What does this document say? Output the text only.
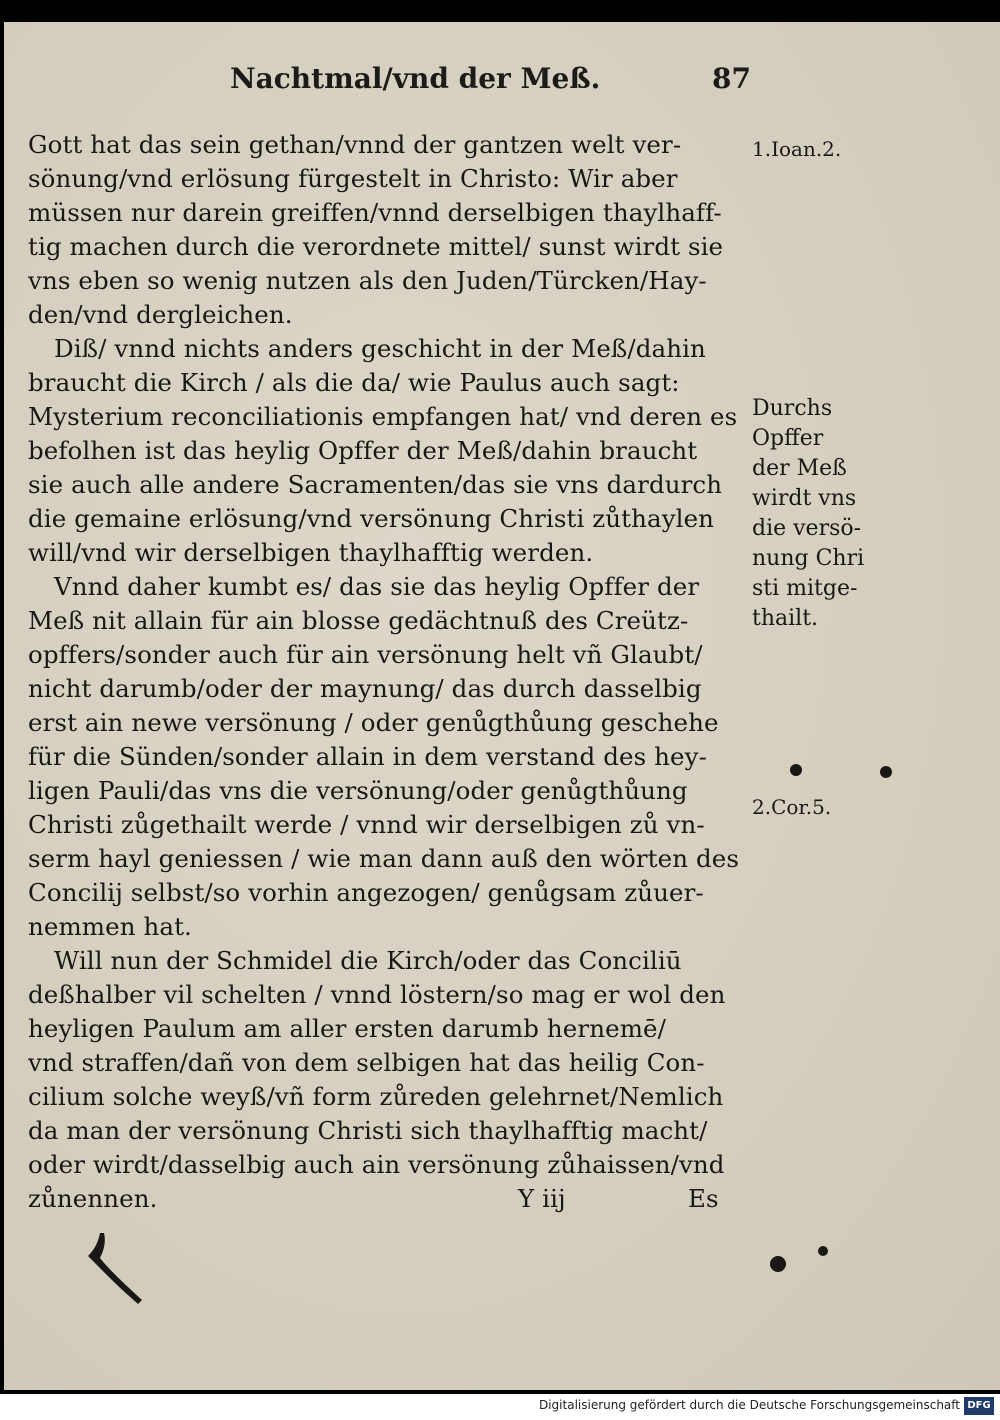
Nachtmal/vnd der Meß.	87
Gott hat das sein gethan/vnnd der gantzen welt ver-
sönung/vnd erlösung fürgestelt in Christo: Wir aber
müssen nur darein greiffen/vnnd derselbigen thaylhaff-
tig machen durch die verordnete mittel/ sunst wirdt sie
vns eben so wenig nutzen als den Juden/Türcken/Hay-
den/vnd dergleichen.
Diß/ vnnd nichts anders geschicht in der Meß/dahin
braucht die Kirch / als die da/ wie Paulus auch sagt:
Mysterium reconciliationis empfangen hat/ vnd deren es
befolhen ist das heylig Opffer der Meß/dahin braucht
sie auch alle andere Sacramenten/das sie vns dardurch
die gemaine erlösung/vnd versönung Christi zůthaylen
will/vnd wir derselbigen thaylhafftig werden.
Vnnd daher kumbt es/ das sie das heylig Opffer der
Meß nit allain für ain blosse gedächtnuß des Creütz-
opffers/sonder auch für ain versönung helt vñ Glaubt/
nicht darumb/oder der maynung/ das durch dasselbig
erst ain newe versönung / oder genůgthůung geschehe
für die Sünden/sonder allain in dem verstand des hey-
ligen Pauli/das vns die versönung/oder genůgthůung
Christi zůgethailt werde / vnnd wir derselbigen zů vn-
serm hayl geniessen / wie man dann auß den wörten des
Concilij selbst/so vorhin angezogen/ genůgsam zůuer-
nemmen hat.
Will nun der Schmidel die Kirch/oder das Conciliū
deßhalber vil schelten / vnnd löstern/so mag er wol den
heyligen Paulum am aller ersten darumb hernemē/
vnd straffen/dañ von dem selbigen hat das heilig Con-
cilium solche weyß/vñ form zůreden gelehrnet/Nemlich
da man der versönung Christi sich thaylhafftig macht/
oder wirdt/dasselbig auch ain versönung zůhaissen/vnd
zůnennen.	Y iij	Es
1.Ioan.2.
Durchs
Opffer
der Meß
wirdt vns
die versö-
nung Chri
sti mitge-
thailt.
2.Cor.5.
Digitalisierung gefördert durch die Deutsche Forschungsgemeinschaft DFG
